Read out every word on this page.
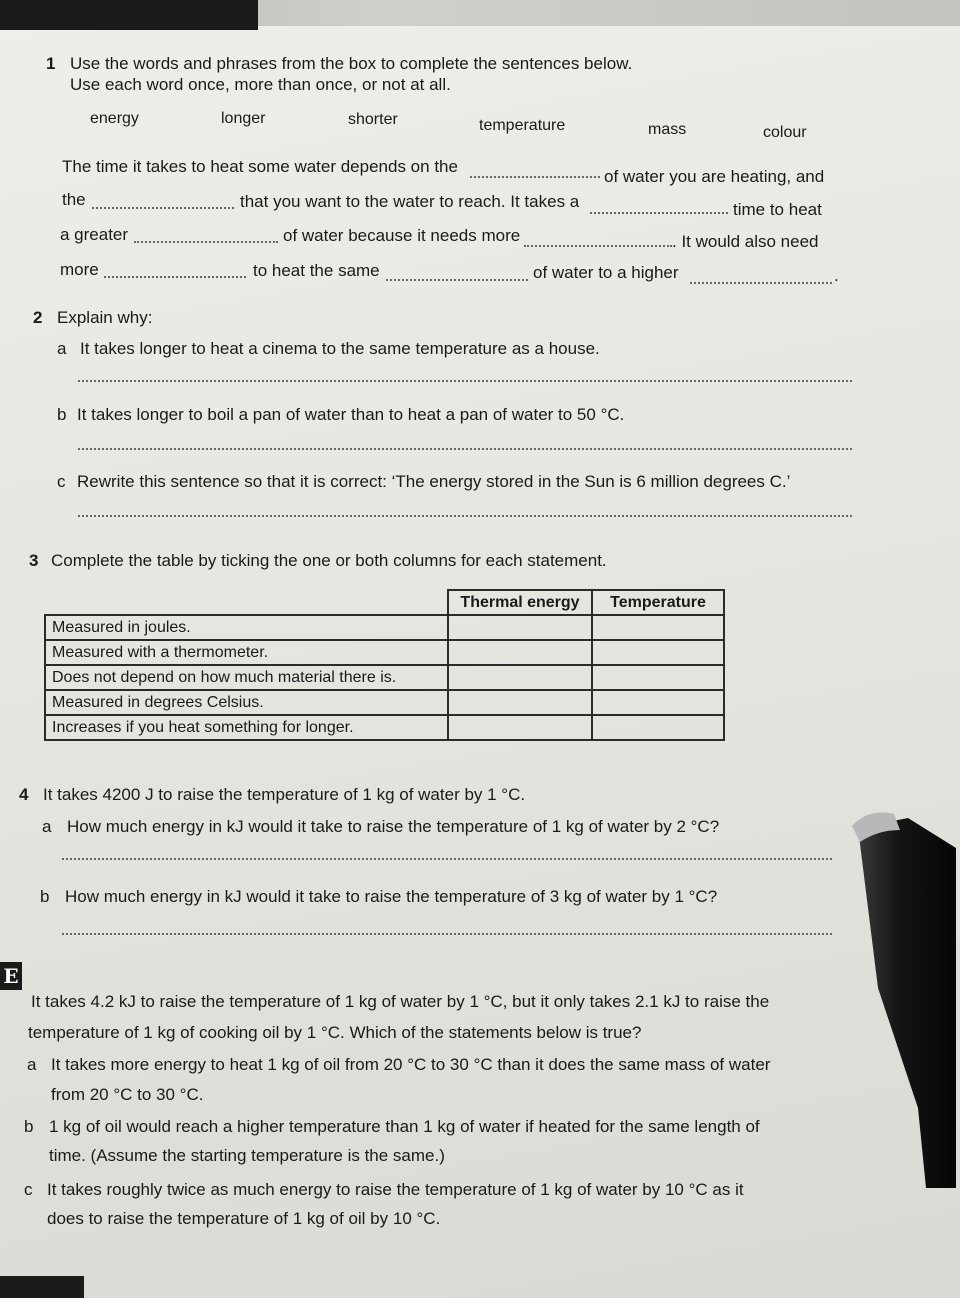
1 Use the words and phrases from the box to complete the sentences below.
Use each word once, more than once, or not at all.
energy	longer	shorter	temperature	mass	colour
The time it takes to heat some water depends on the
of water you are heating, and
the	that you want to the water to reach. It takes a	time to heat
a greater	of water because it needs more	. It would also need
more	to heat the same	of water to a higher	.
2 Explain why:
a It takes longer to heat a cinema to the same temperature as a house.
b It takes longer to boil a pan of water than to heat a pan of water to 50 °C.
c Rewrite this sentence so that it is correct: ‘The energy stored in the Sun is 6 million degrees C.’
3 Complete the table by ticking the one or both columns for each statement.
	Thermal energy	Temperature
Measured in joules.		
Measured with a thermometer.		
Does not depend on how much material there is.		
Measured in degrees Celsius.		
Increases if you heat something for longer.		
4 It takes 4200 J to raise the temperature of 1 kg of water by 1 °C.
a How much energy in kJ would it take to raise the temperature of 1 kg of water by 2 °C?
b How much energy in kJ would it take to raise the temperature of 3 kg of water by 1 °C?
E
It takes 4.2 kJ to raise the temperature of 1 kg of water by 1 °C, but it only takes 2.1 kJ to raise the
temperature of 1 kg of cooking oil by 1 °C. Which of the statements below is true?
a It takes more energy to heat 1 kg of oil from 20 °C to 30 °C than it does the same mass of water
from 20 °C to 30 °C.
b 1 kg of oil would reach a higher temperature than 1 kg of water if heated for the same length of
time. (Assume the starting temperature is the same.)
c It takes roughly twice as much energy to raise the temperature of 1 kg of water by 10 °C as it
does to raise the temperature of 1 kg of oil by 10 °C.
